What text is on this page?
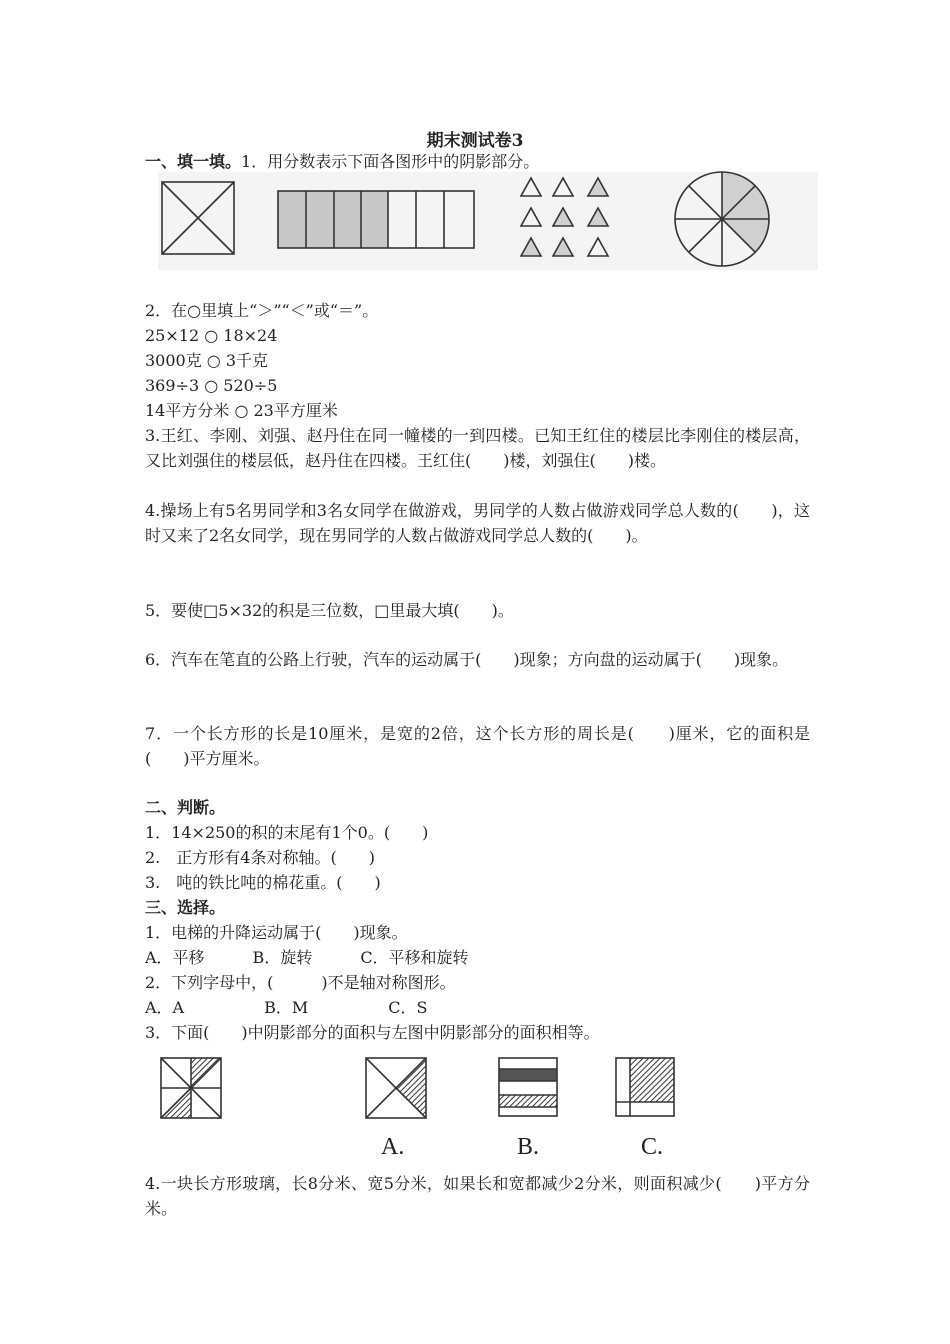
期末测试卷3
一、填一填。1．用分数表示下面各图形中的阴影部分。
2．在○里填上“＞”“＜”或“＝”。
25×12 ○ 18×24
3000克 ○ 3千克
369÷3 ○ 520÷5
14平方分米 ○ 23平方厘米
3.王红、李刚、刘强、赵丹住在同一幢楼的一到四楼。已知王红住的楼层比李刚住的楼层高，又比刘强住的楼层低，赵丹住在四楼。王红住(　　)楼，刘强住(　　)楼。
4.操场上有5名男同学和3名女同学在做游戏，男同学的人数占做游戏同学总人数的(　　)，这时又来了2名女同学，现在男同学的人数占做游戏同学总人数的(　　)。
5．要使□5×32的积是三位数，□里最大填(　　)。
6．汽车在笔直的公路上行驶，汽车的运动属于(　　)现象；方向盘的运动属于(　　)现象。
7．一个长方形的长是10厘米，是宽的2倍，这个长方形的周长是(　　)厘米，它的面积是(　　)平方厘米。
二、判断。
1．14×250的积的末尾有1个0。(　　)
2.　正方形有4条对称轴。(　　)
3.　吨的铁比吨的棉花重。(　　)
三、选择。
1．电梯的升降运动属于(　　)现象。
A．平移　　　B．旋转　　　C．平移和旋转
2．下列字母中，(　　　)不是轴对称图形。
A．A　　　　　B．M　　　　　C．S
3．下面(　　)中阴影部分的面积与左图中阴影部分的面积相等。
A.	B.	C.
4.一块长方形玻璃，长8分米、宽5分米，如果长和宽都减少2分米，则面积减少(　　)平方分米。
